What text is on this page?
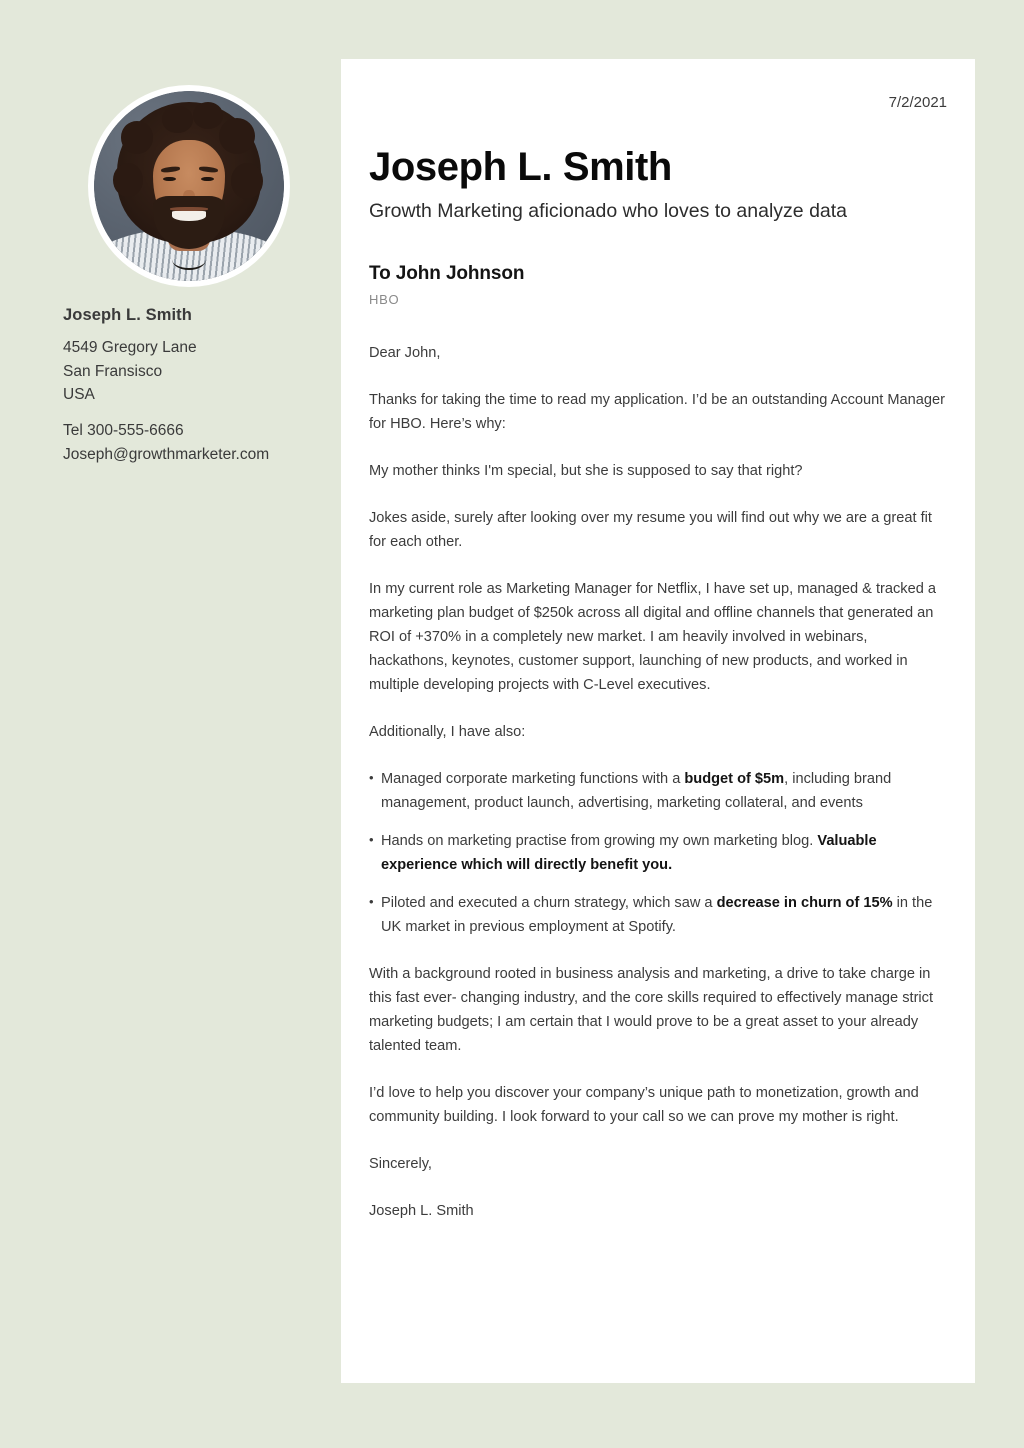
Joseph L. Smith
4549 Gregory Lane
San Fransisco
USA
Tel 300-555-6666
Joseph@growthmarketer.com
7/2/2021
Joseph L. Smith

Growth Marketing aficionado who loves to analyze data

To John Johnson
HBO

Dear John,

Thanks for taking the time to read my application. I’d be an outstanding Account Manager for HBO. Here’s why:

My mother thinks I'm special, but she is supposed to say that right?

Jokes aside, surely after looking over my resume you will find out why we are a great fit for each other.

In my current role as Marketing Manager for Netflix, I have set up, managed & tracked a marketing plan budget of $250k across all digital and offline channels that generated an ROI of +370% in a completely new market. I am heavily involved in webinars, hackathons, keynotes, customer support, launching of new products, and worked in multiple developing projects with C-Level executives.

Additionally, I have also:

• Managed corporate marketing functions with a budget of $5m, including brand management, product launch, advertising, marketing collateral, and events
• Hands on marketing practise from growing my own marketing blog. Valuable experience which will directly benefit you.
• Piloted and executed a churn strategy, which saw a decrease in churn of 15% in the UK market in previous employment at Spotify.

With a background rooted in business analysis and marketing, a drive to take charge in this fast ever- changing industry, and the core skills required to effectively manage strict marketing budgets; I am certain that I would prove to be a great asset to your already talented team.

I’d love to help you discover your company’s unique path to monetization, growth and community building. I look forward to your call so we can prove my mother is right.

Sincerely,

Joseph L. Smith
